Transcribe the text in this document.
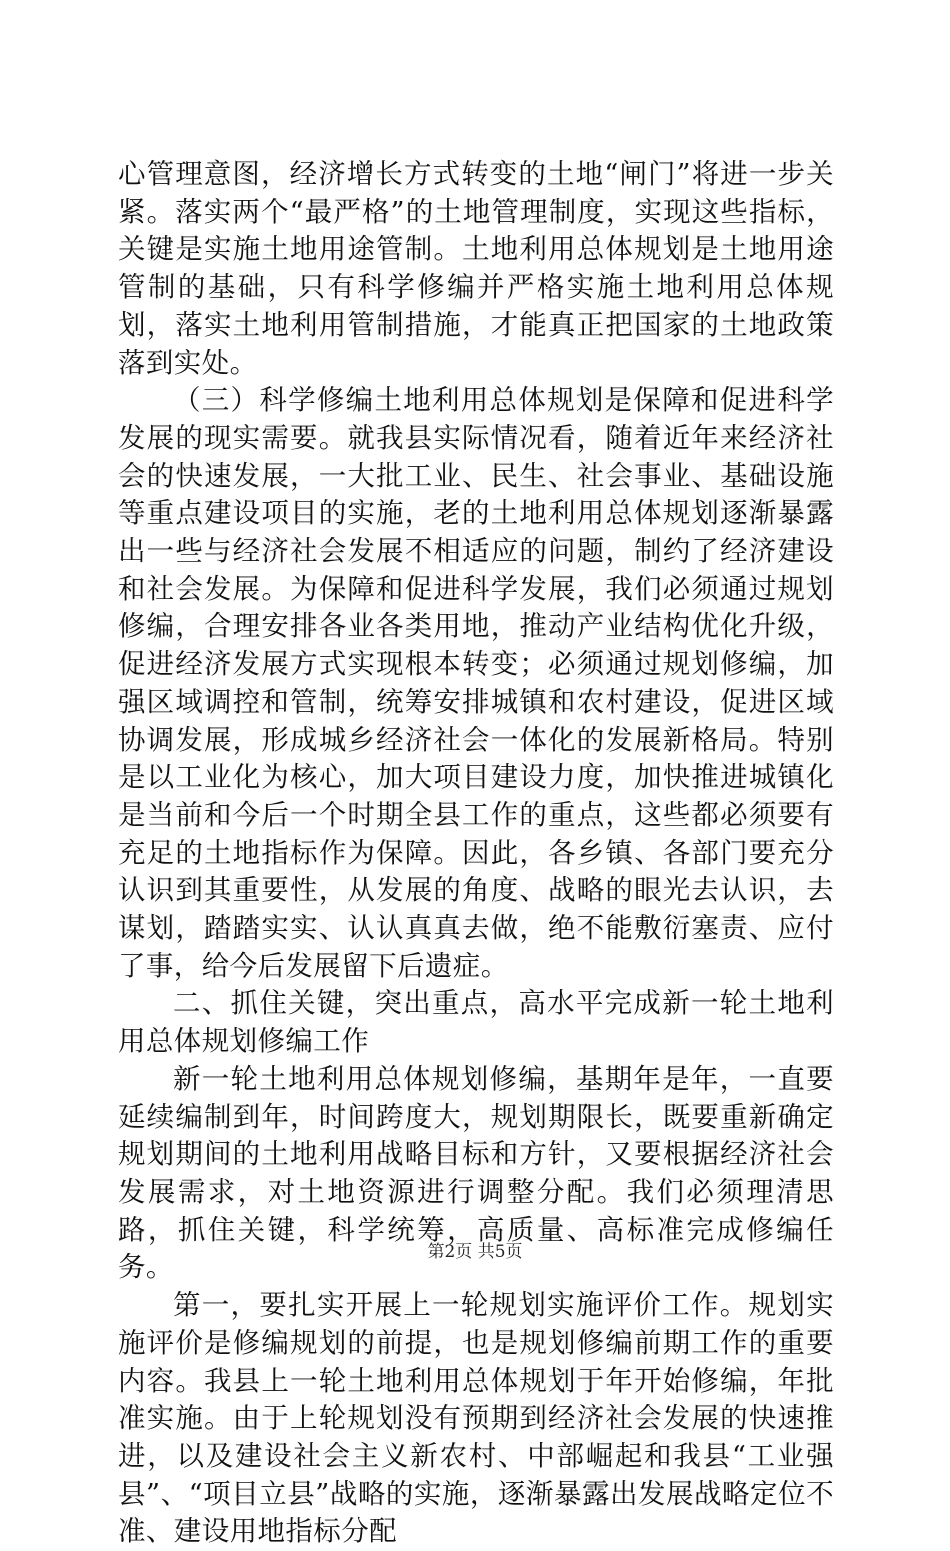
心管理意图，经济增长方式转变的土地“闸门”将进一步关紧。落实两个“最严格”的土地管理制度，实现这些指标，关键是实施土地用途管制。土地利用总体规划是土地用途管制的基础，只有科学修编并严格实施土地利用总体规划，落实土地利用管制措施，才能真正把国家的土地政策落到实处。

（三）科学修编土地利用总体规划是保障和促进科学发展的现实需要。就我县实际情况看，随着近年来经济社会的快速发展，一大批工业、民生、社会事业、基础设施等重点建设项目的实施，老的土地利用总体规划逐渐暴露出一些与经济社会发展不相适应的问题，制约了经济建设和社会发展。为保障和促进科学发展，我们必须通过规划修编，合理安排各业各类用地，推动产业结构优化升级，促进经济发展方式实现根本转变；必须通过规划修编，加强区域调控和管制，统筹安排城镇和农村建设，促进区域协调发展，形成城乡经济社会一体化的发展新格局。特别是以工业化为核心，加大项目建设力度，加快推进城镇化是当前和今后一个时期全县工作的重点，这些都必须要有充足的土地指标作为保障。因此，各乡镇、各部门要充分认识到其重要性，从发展的角度、战略的眼光去认识，去谋划，踏踏实实、认认真真去做，绝不能敷衍塞责、应付了事，给今后发展留下后遗症。

二、抓住关键，突出重点，高水平完成新一轮土地利用总体规划修编工作

新一轮土地利用总体规划修编，基期年是年，一直要延续编制到年，时间跨度大，规划期限长，既要重新确定规划期间的土地利用战略目标和方针，又要根据经济社会发展需求，对土地资源进行调整分配。我们必须理清思路，抓住关键，科学统筹，高质量、高标准完成修编任务。

第一，要扎实开展上一轮规划实施评价工作。规划实施评价是修编规划的前提，也是规划修编前期工作的重要内容。我县上一轮土地利用总体规划于年开始修编，年批准实施。由于上轮规划没有预期到经济社会发展的快速推进，以及建设社会主义新农村、中部崛起和我县“工业强县”、“项目立县”战略的实施，逐渐暴露出发展战略定位不准、建设用地指标分配

第2页 共5页
